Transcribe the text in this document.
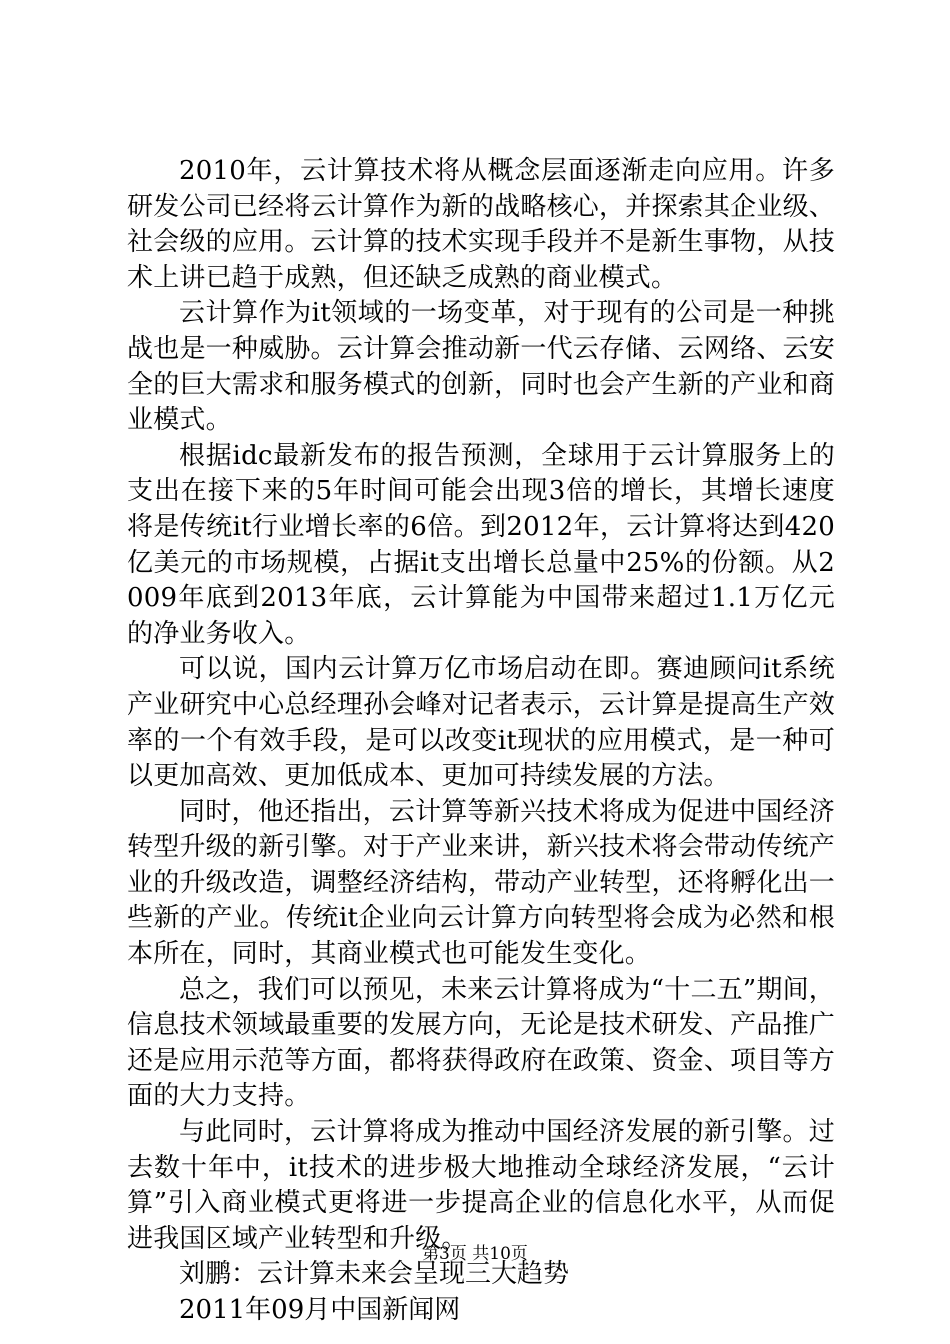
2010年，云计算技术将从概念层面逐渐走向应用。许多研发公司已经将云计算作为新的战略核心，并探索其企业级、社会级的应用。云计算的技术实现手段并不是新生事物，从技术上讲已趋于成熟，但还缺乏成熟的商业模式。

云计算作为it领域的一场变革，对于现有的公司是一种挑战也是一种威胁。云计算会推动新一代云存储、云网络、云安全的巨大需求和服务模式的创新，同时也会产生新的产业和商业模式。

根据idc最新发布的报告预测，全球用于云计算服务上的支出在接下来的5年时间可能会出现3倍的增长，其增长速度将是传统it行业增长率的6倍。到2012年，云计算将达到420亿美元的市场规模，占据it支出增长总量中25%的份额。从2009年底到2013年底，云计算能为中国带来超过1.1万亿元的净业务收入。

可以说，国内云计算万亿市场启动在即。赛迪顾问it系统产业研究中心总经理孙会峰对记者表示，云计算是提高生产效率的一个有效手段，是可以改变it现状的应用模式，是一种可以更加高效、更加低成本、更加可持续发展的方法。

同时，他还指出，云计算等新兴技术将成为促进中国经济转型升级的新引擎。对于产业来讲，新兴技术将会带动传统产业的升级改造，调整经济结构，带动产业转型，还将孵化出一些新的产业。传统it企业向云计算方向转型将会成为必然和根本所在，同时，其商业模式也可能发生变化。

总之，我们可以预见，未来云计算将成为“十二五”期间，信息技术领域最重要的发展方向，无论是技术研发、产品推广还是应用示范等方面，都将获得政府在政策、资金、项目等方面的大力支持。

与此同时，云计算将成为推动中国经济发展的新引擎。过去数十年中，it技术的进步极大地推动全球经济发展，“云计算”引入商业模式更将进一步提高企业的信息化水平，从而促进我国区域产业转型和升级。

刘鹏：云计算未来会呈现三大趋势

2011年09月中国新闻网

第3页 共10页
